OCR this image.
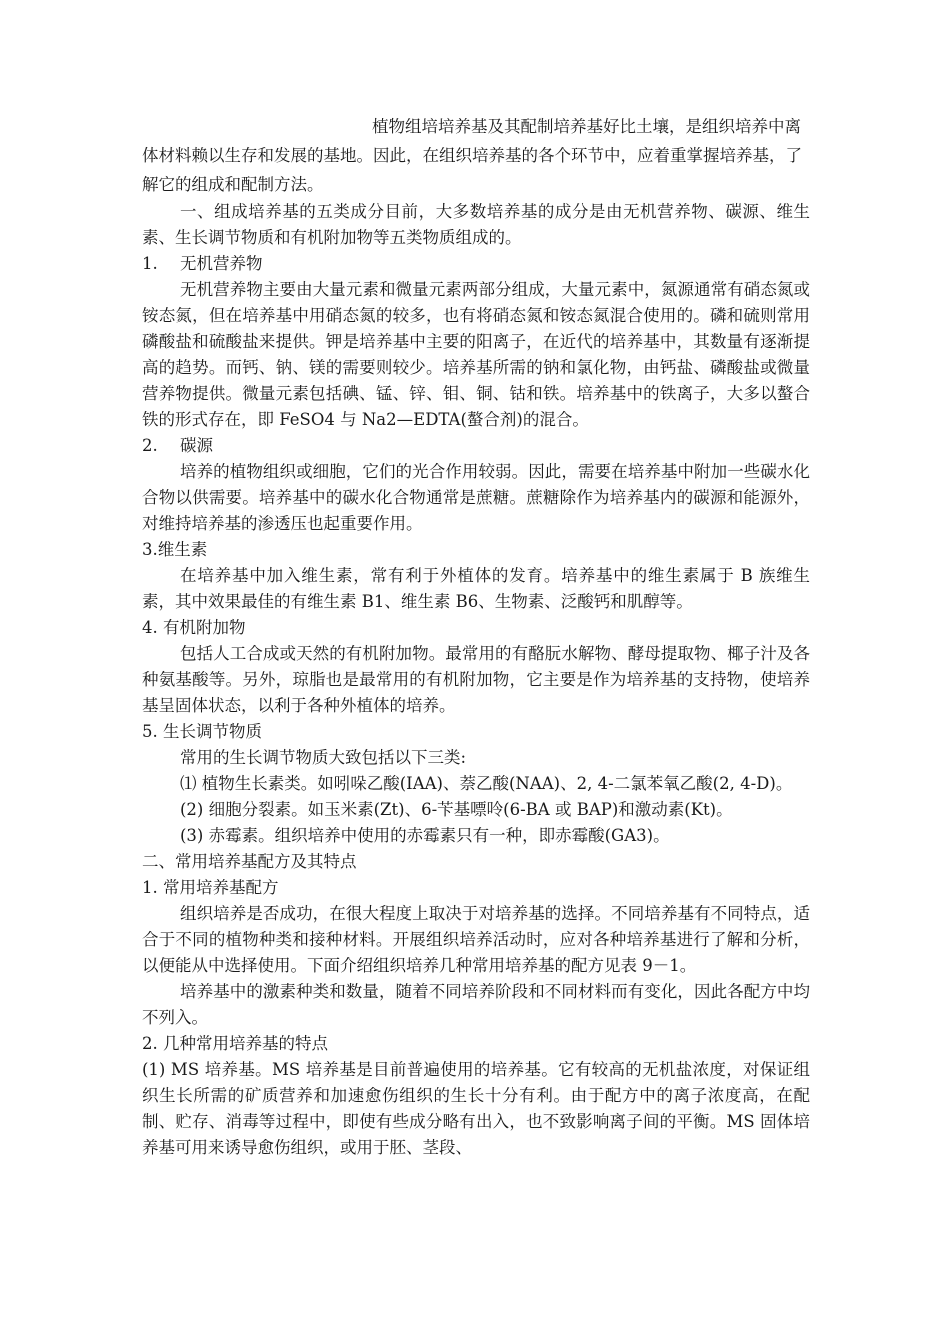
植物组培培养基及其配制培养基好比土壤，是组织培养中离体材料赖以生存和发展的基地。因此，在组织培养基的各个环节中，应着重掌握培养基，了解它的组成和配制方法。

一、组成培养基的五类成分目前，大多数培养基的成分是由无机营养物、碳源、维生素、生长调节物质和有机附加物等五类物质组成的。

1. 无机营养物

无机营养物主要由大量元素和微量元素两部分组成，大量元素中，氮源通常有硝态氮或铵态氮，但在培养基中用硝态氮的较多，也有将硝态氮和铵态氮混合使用的。磷和硫则常用磷酸盐和硫酸盐来提供。钾是培养基中主要的阳离子，在近代的培养基中，其数量有逐渐提高的趋势。而钙、钠、镁的需要则较少。培养基所需的钠和氯化物，由钙盐、磷酸盐或微量营养物提供。微量元素包括碘、锰、锌、钼、铜、钴和铁。培养基中的铁离子，大多以螯合铁的形式存在，即 FeSO4 与 Na2—EDTA(螯合剂)的混合。

2. 碳源

培养的植物组织或细胞，它们的光合作用较弱。因此，需要在培养基中附加一些碳水化合物以供需要。培养基中的碳水化合物通常是蔗糖。蔗糖除作为培养基内的碳源和能源外，对维持培养基的渗透压也起重要作用。

3.维生素

在培养基中加入维生素，常有利于外植体的发育。培养基中的维生素属于 B 族维生素，其中效果最佳的有维生素 B1、维生素 B6、生物素、泛酸钙和肌醇等。

4. 有机附加物

包括人工合成或天然的有机附加物。最常用的有酪朊水解物、酵母提取物、椰子汁及各种氨基酸等。另外，琼脂也是最常用的有机附加物，它主要是作为培养基的支持物，使培养基呈固体状态，以利于各种外植体的培养。

5. 生长调节物质

常用的生长调节物质大致包括以下三类:

⑴ 植物生长素类。如吲哚乙酸(IAA)、萘乙酸(NAA)、2, 4-二氯苯氧乙酸(2, 4-D)。

(2) 细胞分裂素。如玉米素(Zt)、6-苄基嘌呤(6-BA 或 BAP)和激动素(Kt)。

(3) 赤霉素。组织培养中使用的赤霉素只有一种，即赤霉酸(GA3)。

二、常用培养基配方及其特点

1. 常用培养基配方

组织培养是否成功，在很大程度上取决于对培养基的选择。不同培养基有不同特点，适合于不同的植物种类和接种材料。开展组织培养活动时，应对各种培养基进行了解和分析，以便能从中选择使用。下面介绍组织培养几种常用培养基的配方见表 9－1。

培养基中的激素种类和数量，随着不同培养阶段和不同材料而有变化，因此各配方中均不列入。

2. 几种常用培养基的特点

(1) MS 培养基。MS 培养基是目前普遍使用的培养基。它有较高的无机盐浓度，对保证组织生长所需的矿质营养和加速愈伤组织的生长十分有利。由于配方中的离子浓度高，在配制、贮存、消毒等过程中，即使有些成分略有出入，也不致影响离子间的平衡。MS 固体培养基可用来诱导愈伤组织，或用于胚、茎段、
